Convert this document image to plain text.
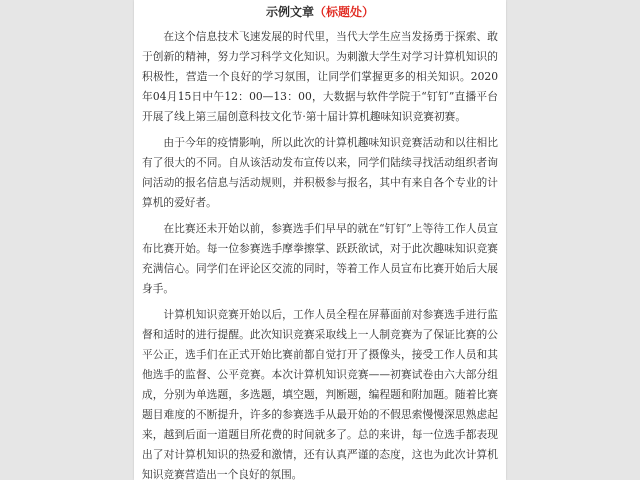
示例文章（标题处）

在这个信息技术飞速发展的时代里，当代大学生应当发扬勇于探索、敢于创新的精神，努力学习科学文化知识。为刺激大学生对学习计算机知识的积极性，营造一个良好的学习氛围，让同学们掌握更多的相关知识。2020年04月15日中午12：00—13：00，大数据与软件学院于“钉钉”直播平台开展了线上第三届创意科技文化节·第十届计算机趣味知识竞赛初赛。

由于今年的疫情影响，所以此次的计算机趣味知识竞赛活动和以往相比有了很大的不同。自从该活动发布宣传以来，同学们陆续寻找活动组织者询问活动的报名信息与活动规则，并积极参与报名，其中有来自各个专业的计算机的爱好者。

在比赛还未开始以前，参赛选手们早早的就在“钉钉”上等待工作人员宣布比赛开始。每一位参赛选手摩拳擦掌、跃跃欲试，对于此次趣味知识竞赛充满信心。同学们在评论区交流的同时，等着工作人员宣布比赛开始后大展身手。

计算机知识竞赛开始以后，工作人员全程在屏幕面前对参赛选手进行监督和适时的进行提醒。此次知识竞赛采取线上一人制竞赛为了保证比赛的公平公正，选手们在正式开始比赛前都自觉打开了摄像头，接受工作人员和其他选手的监督、公平竞赛。本次计算机知识竞赛——初赛试卷由六大部分组成，分别为单选题，多选题，填空题，判断题，编程题和附加题。随着比赛题目难度的不断提升，许多的参赛选手从最开始的不假思索慢慢深思熟虑起来，越到后面一道题目所花费的时间就多了。总的来讲，每一位选手都表现出了对计算机知识的热爱和激情，还有认真严谨的态度，这也为此次计算机知识竞赛营造出一个良好的氛围。
